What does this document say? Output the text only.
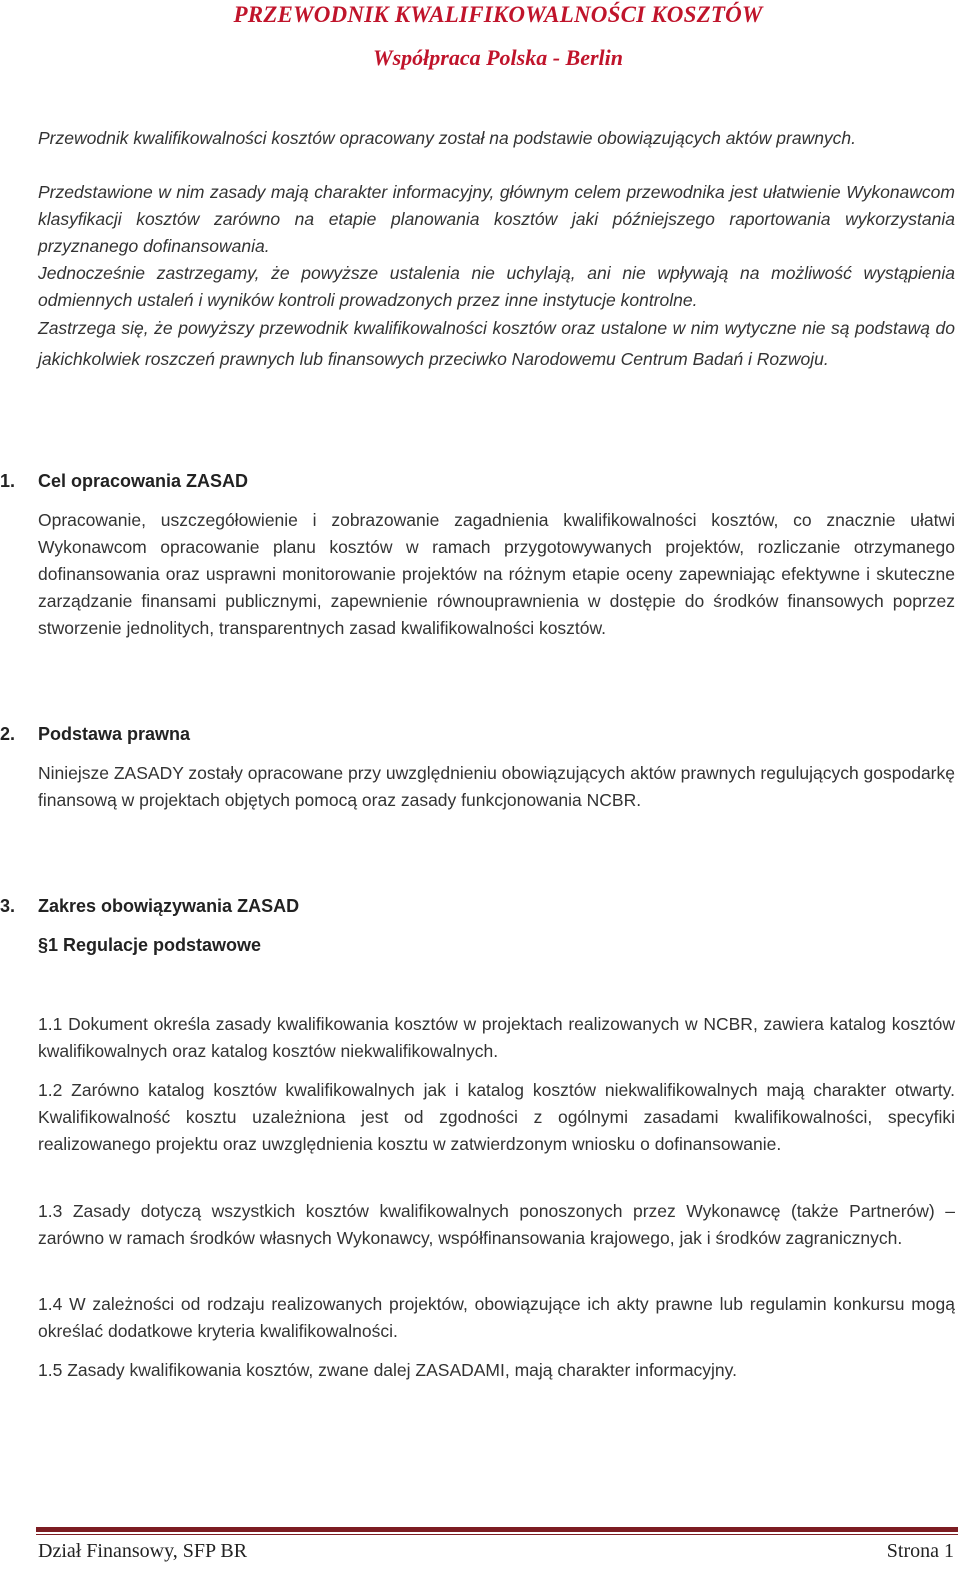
PRZEWODNIK KWALIFIKOWALNOŚCI KOSZTÓW
Współpraca Polska - Berlin

Przewodnik kwalifikowalności kosztów opracowany został na podstawie obowiązujących aktów prawnych.

Przedstawione w nim zasady mają charakter informacyjny, głównym celem przewodnika jest ułatwienie Wykonawcom klasyfikacji kosztów zarówno na etapie planowania kosztów jaki późniejszego raportowania wykorzystania przyznanego dofinansowania.

Jednocześnie zastrzegamy, że powyższe ustalenia nie uchylają, ani nie wpływają na możliwość wystąpienia odmiennych ustaleń i wyników kontroli prowadzonych przez inne instytucje kontrolne.

Zastrzega się, że powyższy przewodnik kwalifikowalności kosztów oraz ustalone w nim wytyczne nie są podstawą do jakichkolwiek roszczeń prawnych lub finansowych przeciwko Narodowemu Centrum Badań i Rozwoju.

1. Cel opracowania ZASAD

Opracowanie, uszczegółowienie i zobrazowanie zagadnienia kwalifikowalności kosztów, co znacznie ułatwi Wykonawcom opracowanie planu kosztów w ramach przygotowywanych projektów, rozliczanie otrzymanego dofinansowania oraz usprawni monitorowanie projektów na różnym etapie oceny zapewniając efektywne i skuteczne zarządzanie finansami publicznymi, zapewnienie równouprawnienia w dostępie do środków finansowych poprzez stworzenie jednolitych, transparentnych zasad kwalifikowalności kosztów.

2. Podstawa prawna

Niniejsze ZASADY zostały opracowane przy uwzględnieniu obowiązujących aktów prawnych regulujących gospodarkę finansową w projektach objętych pomocą oraz zasady funkcjonowania NCBR.

3. Zakres obowiązywania ZASAD
§1 Regulacje podstawowe

1.1 Dokument określa zasady kwalifikowania kosztów w projektach realizowanych w NCBR, zawiera katalog kosztów kwalifikowalnych oraz katalog kosztów niekwalifikowalnych.

1.2 Zarówno katalog kosztów kwalifikowalnych jak i katalog kosztów niekwalifikowalnych mają charakter otwarty. Kwalifikowalność kosztu uzależniona jest od zgodności z ogólnymi zasadami kwalifikowalności, specyfiki realizowanego projektu oraz uwzględnienia kosztu w zatwierdzonym wniosku o dofinansowanie.

1.3 Zasady dotyczą wszystkich kosztów kwalifikowalnych ponoszonych przez Wykonawcę (także Partnerów) – zarówno w ramach środków własnych Wykonawcy, współfinansowania krajowego, jak i środków zagranicznych.

1.4 W zależności od rodzaju realizowanych projektów, obowiązujące ich akty prawne lub regulamin konkursu mogą określać dodatkowe kryteria kwalifikowalności.

1.5 Zasady kwalifikowania kosztów, zwane dalej ZASADAMI, mają charakter informacyjny.

Dział Finansowy, SFP BR	Strona 1
